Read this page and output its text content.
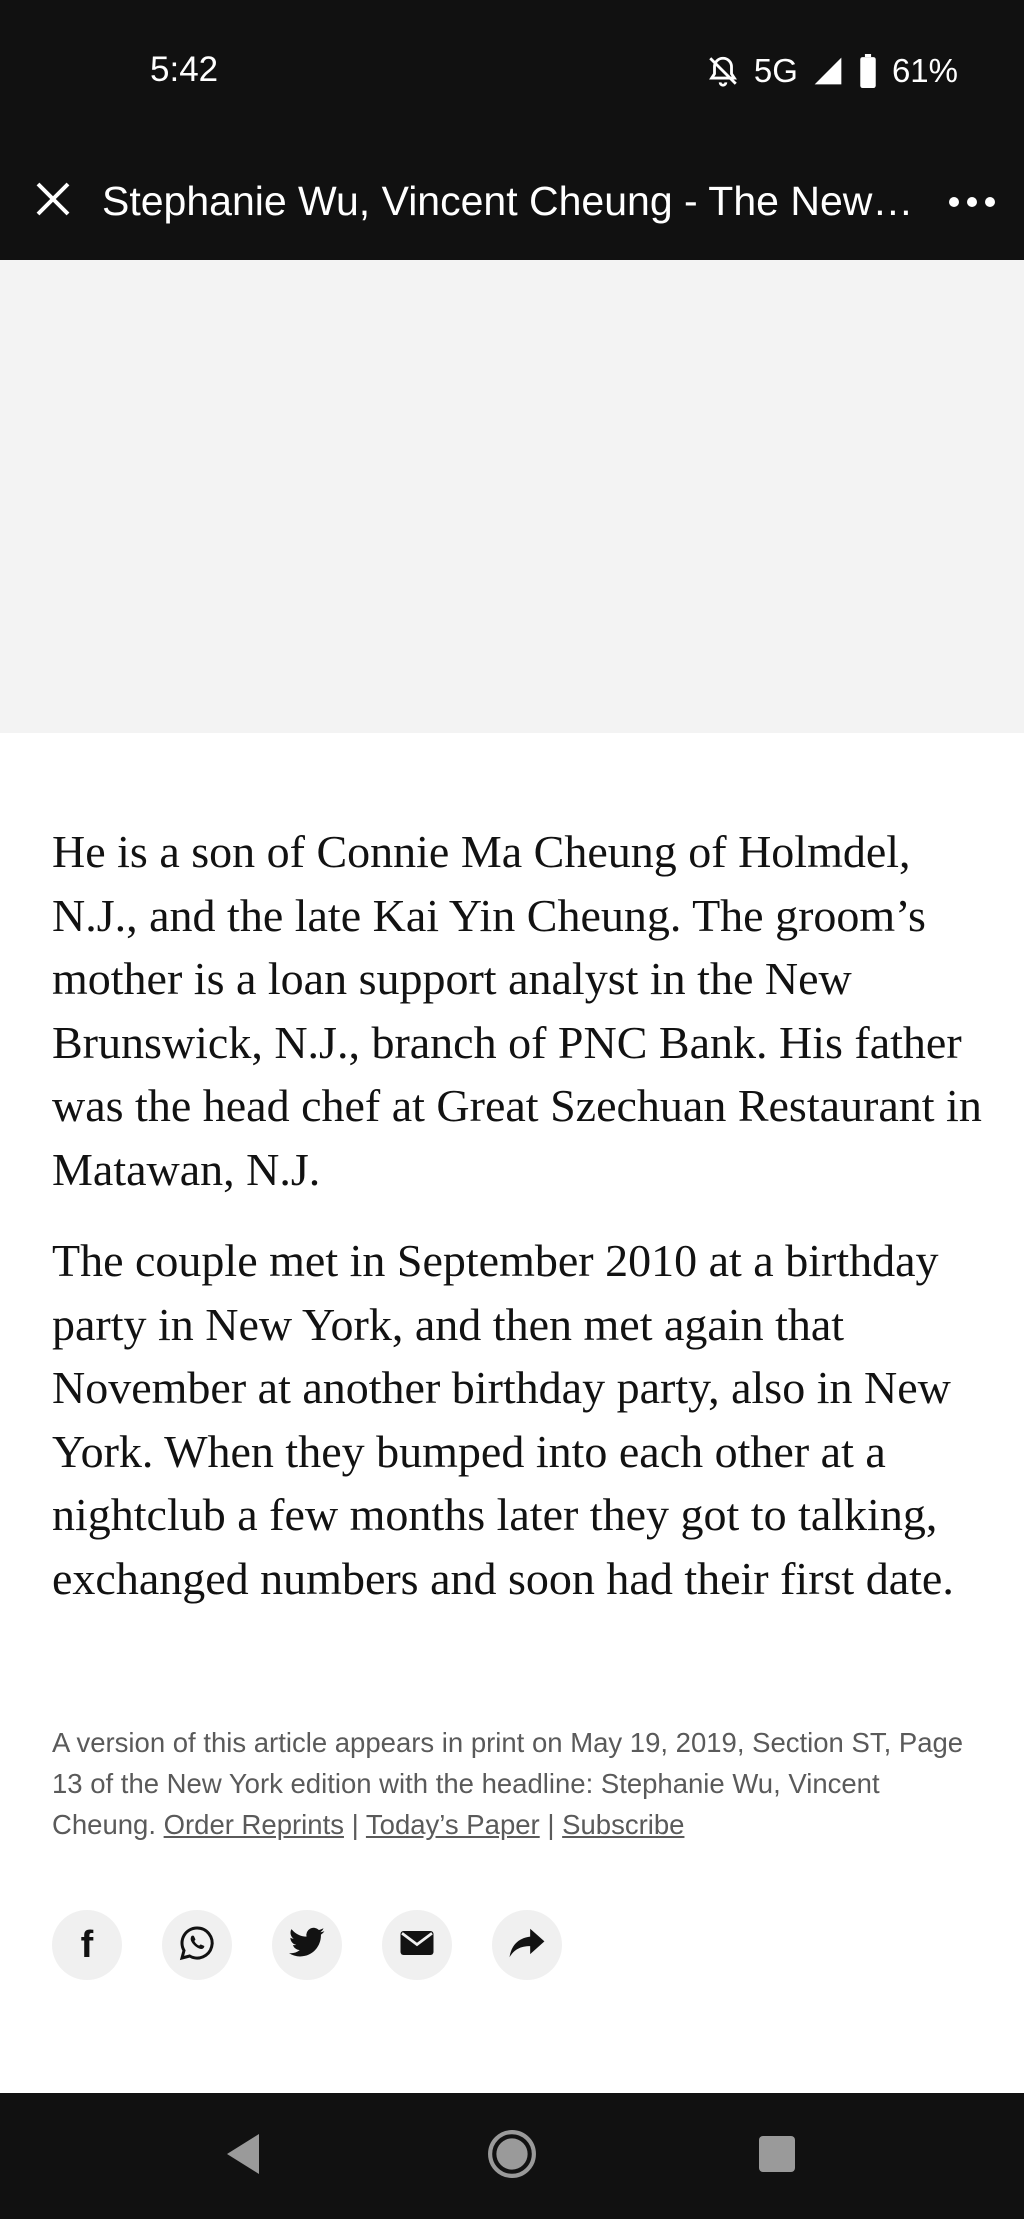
5:42	5G	61%
Stephanie Wu, Vincent Cheung - The New…

He is a son of Connie Ma Cheung of Holmdel, N.J., and the late Kai Yin Cheung. The groom’s mother is a loan support analyst in the New Brunswick, N.J., branch of PNC Bank. His father was the head chef at Great Szechuan Restaurant in Matawan, N.J.

The couple met in September 2010 at a birthday party in New York, and then met again that November at another birthday party, also in New York. When they bumped into each other at a nightclub a few months later they got to talking, exchanged numbers and soon had their first date.

A version of this article appears in print on May 19, 2019, Section ST, Page 13 of the New York edition with the headline: Stephanie Wu, Vincent Cheung. Order Reprints | Today’s Paper | Subscribe
f
